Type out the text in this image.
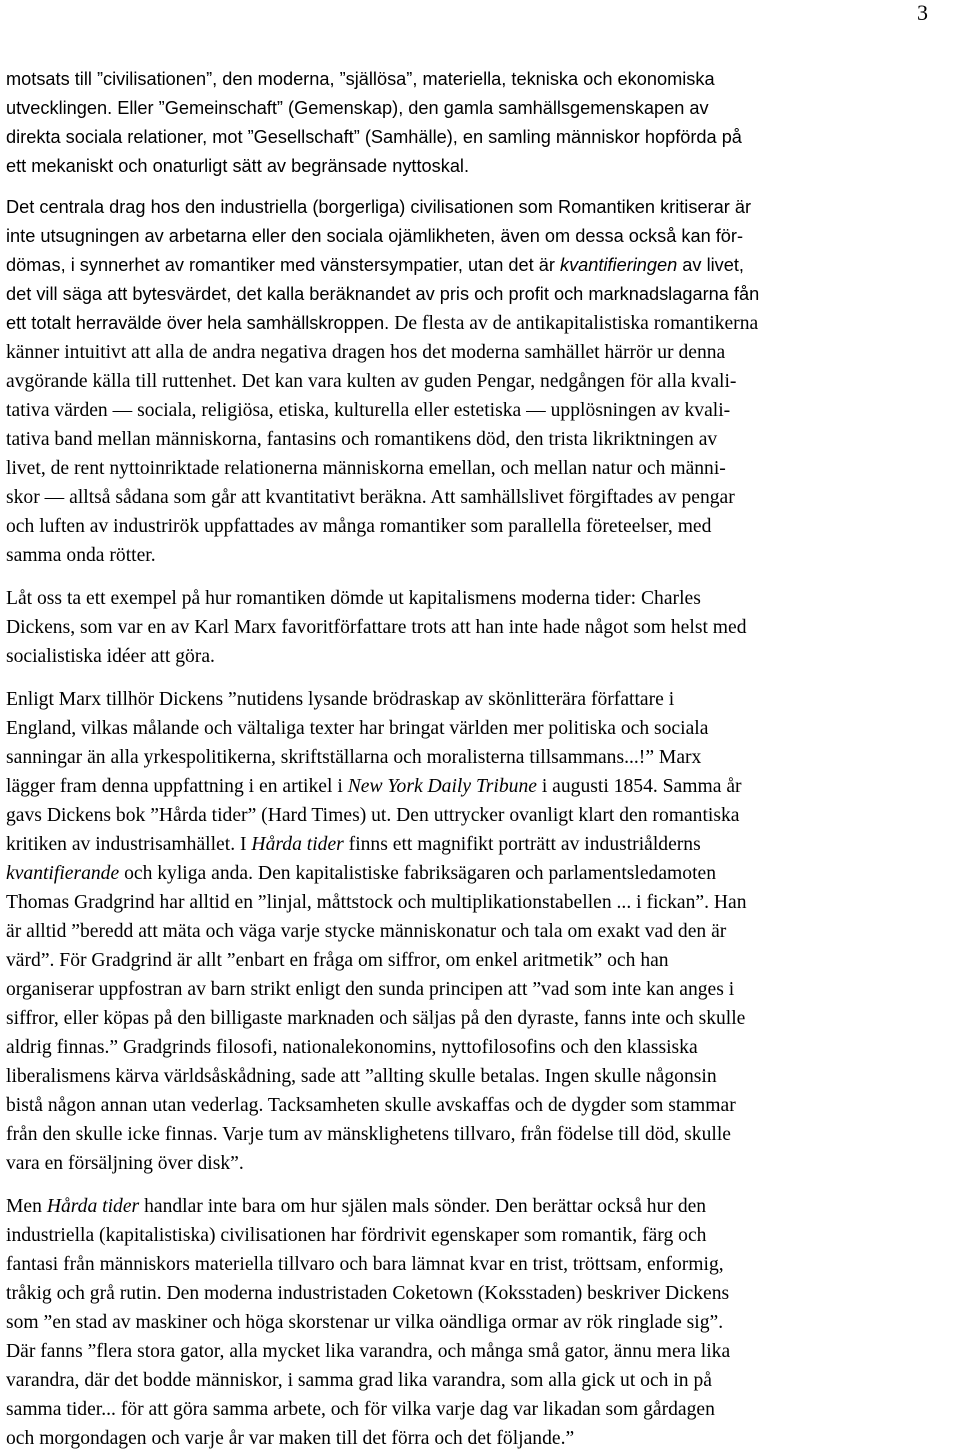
3

motsats till ”civilisationen”, den moderna, ”själlösa”, materiella, tekniska och ekonomiska
utvecklingen. Eller ”Gemeinschaft” (Gemenskap), den gamla samhällsgemenskapen av
direkta sociala relationer, mot ”Gesellschaft” (Samhälle), en samling människor hopförda på
ett mekaniskt och onaturligt sätt av begränsade nyttoskal.

Det centrala drag hos den industriella (borgerliga) civilisationen som Romantiken kritiserar är
inte utsugningen av arbetarna eller den sociala ojämlikheten, även om dessa också kan för-
dömas, i synnerhet av romantiker med vänstersympatier, utan det är kvantifieringen av livet,
det vill säga att bytesvärdet, det kalla beräknandet av pris och profit och marknadslagarna fån
ett totalt herravälde över hela samhällskroppen. De flesta av de antikapitalistiska romantikerna
känner intuitivt att alla de andra negativa dragen hos det moderna samhället härrör ur denna
avgörande källa till ruttenhet. Det kan vara kulten av guden Pengar, nedgången för alla kvali-
tativa värden — sociala, religiösa, etiska, kulturella eller estetiska — upplösningen av kvali-
tativa band mellan människorna, fantasins och romantikens död, den trista likriktningen av
livet, de rent nyttoinriktade relationerna människorna emellan, och mellan natur och männi-
skor — alltså sådana som går att kvantitativt beräkna. Att samhällslivet förgiftades av pengar
och luften av industrirök uppfattades av många romantiker som parallella företeelser, med
samma onda rötter.

Låt oss ta ett exempel på hur romantiken dömde ut kapitalismens moderna tider: Charles
Dickens, som var en av Karl Marx favoritförfattare trots att han inte hade något som helst med
socialistiska idéer att göra.

Enligt Marx tillhör Dickens ”nutidens lysande brödraskap av skönlitterära författare i
England, vilkas målande och vältaliga texter har bringat världen mer politiska och sociala
sanningar än alla yrkespolitikerna, skriftställarna och moralisterna tillsammans...!” Marx
lägger fram denna uppfattning i en artikel i New York Daily Tribune i augusti 1854. Samma år
gavs Dickens bok ”Hårda tider” (Hard Times) ut. Den uttrycker ovanligt klart den romantiska
kritiken av industrisamhället. I Hårda tider finns ett magnifikt porträtt av industriålderns
kvantifierande och kyliga anda. Den kapitalistiske fabriksägaren och parlamentsledamoten
Thomas Gradgrind har alltid en ”linjal, måttstock och multiplikationstabellen ... i fickan”. Han
är alltid ”beredd att mäta och väga varje stycke människonatur och tala om exakt vad den är
värd”. För Gradgrind är allt ”enbart en fråga om siffror, om enkel aritmetik” och han
organiserar uppfostran av barn strikt enligt den sunda principen att ”vad som inte kan anges i
siffror, eller köpas på den billigaste marknaden och säljas på den dyraste, fanns inte och skulle
aldrig finnas.” Gradgrinds filosofi, nationalekonomins, nyttofilosofins och den klassiska
liberalismens kärva världsåskådning, sade att ”allting skulle betalas. Ingen skulle någonsin
bistå någon annan utan vederlag. Tacksamheten skulle avskaffas och de dygder som stammar
från den skulle icke finnas. Varje tum av mänsklighetens tillvaro, från födelse till död, skulle
vara en försäljning över disk”.

Men Hårda tider handlar inte bara om hur själen mals sönder. Den berättar också hur den
industriella (kapitalistiska) civilisationen har fördrivit egenskaper som romantik, färg och
fantasi från människors materiella tillvaro och bara lämnat kvar en trist, tröttsam, enformig,
tråkig och grå rutin. Den moderna industristaden Coketown (Koksstaden) beskriver Dickens
som ”en stad av maskiner och höga skorstenar ur vilka oändliga ormar av rök ringlade sig”.
Där fanns ”flera stora gator, alla mycket lika varandra, och många små gator, ännu mera lika
varandra, där det bodde människor, i samma grad lika varandra, som alla gick ut och in på
samma tider... för att göra samma arbete, och för vilka varje dag var likadan som gårdagen
och morgondagen och varje år var maken till det förra och det följande.”
